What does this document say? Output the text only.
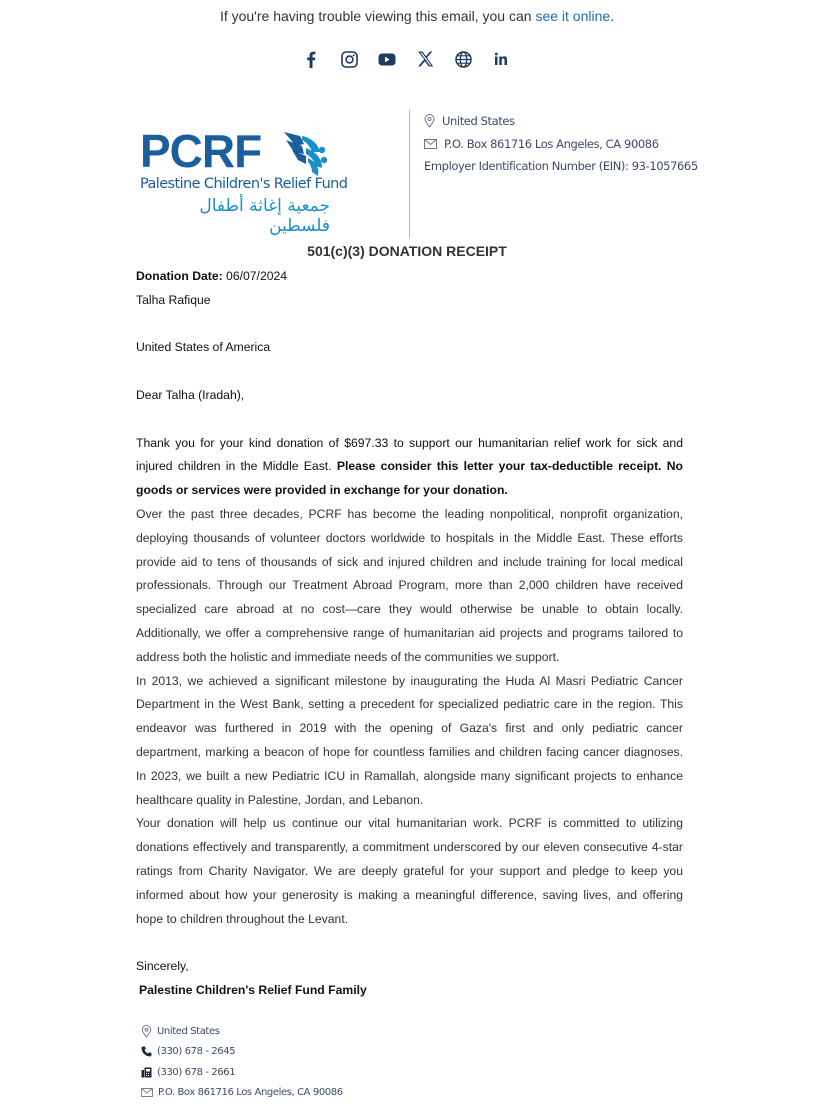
If you're having trouble viewing this email, you can see it online.
PCRF
Palestine Children's Relief Fund
جمعية إغاثة أطفال فلسطين
United States
P.O. Box 861716 Los Angeles, CA 90086
Employer Identification Number (EIN): 93-1057665
501(c)(3) DONATION RECEIPT

Donation Date: 06/07/2024

Talha Rafique

United States of America

Dear Talha (Iradah),

Thank you for your kind donation of $697.33 to support our humanitarian relief work for sick and injured children in the Middle East. Please consider this letter your tax-deductible receipt. No goods or services were provided in exchange for your donation.

Over the past three decades, PCRF has become the leading nonpolitical, nonprofit organization, deploying thousands of volunteer doctors worldwide to hospitals in the Middle East. These efforts provide aid to tens of thousands of sick and injured children and include training for local medical professionals. Through our Treatment Abroad Program, more than 2,000 children have received specialized care abroad at no cost—care they would otherwise be unable to obtain locally. Additionally, we offer a comprehensive range of humanitarian aid projects and programs tailored to address both the holistic and immediate needs of the communities we support.

In 2013, we achieved a significant milestone by inaugurating the Huda Al Masri Pediatric Cancer Department in the West Bank, setting a precedent for specialized pediatric care in the region. This endeavor was furthered in 2019 with the opening of Gaza's first and only pediatric cancer department, marking a beacon of hope for countless families and children facing cancer diagnoses. In 2023, we built a new Pediatric ICU in Ramallah, alongside many significant projects to enhance healthcare quality in Palestine, Jordan, and Lebanon.

Your donation will help us continue our vital humanitarian work. PCRF is committed to utilizing donations effectively and transparently, a commitment underscored by our eleven consecutive 4-star ratings from Charity Navigator. We are deeply grateful for your support and pledge to keep you informed about how your generosity is making a meaningful difference, saving lives, and offering hope to children throughout the Levant.

Sincerely,

Palestine Children's Relief Fund Family

United States
(330) 678 - 2645
(330) 678 - 2661
P.O. Box 861716 Los Angeles, CA 90086
